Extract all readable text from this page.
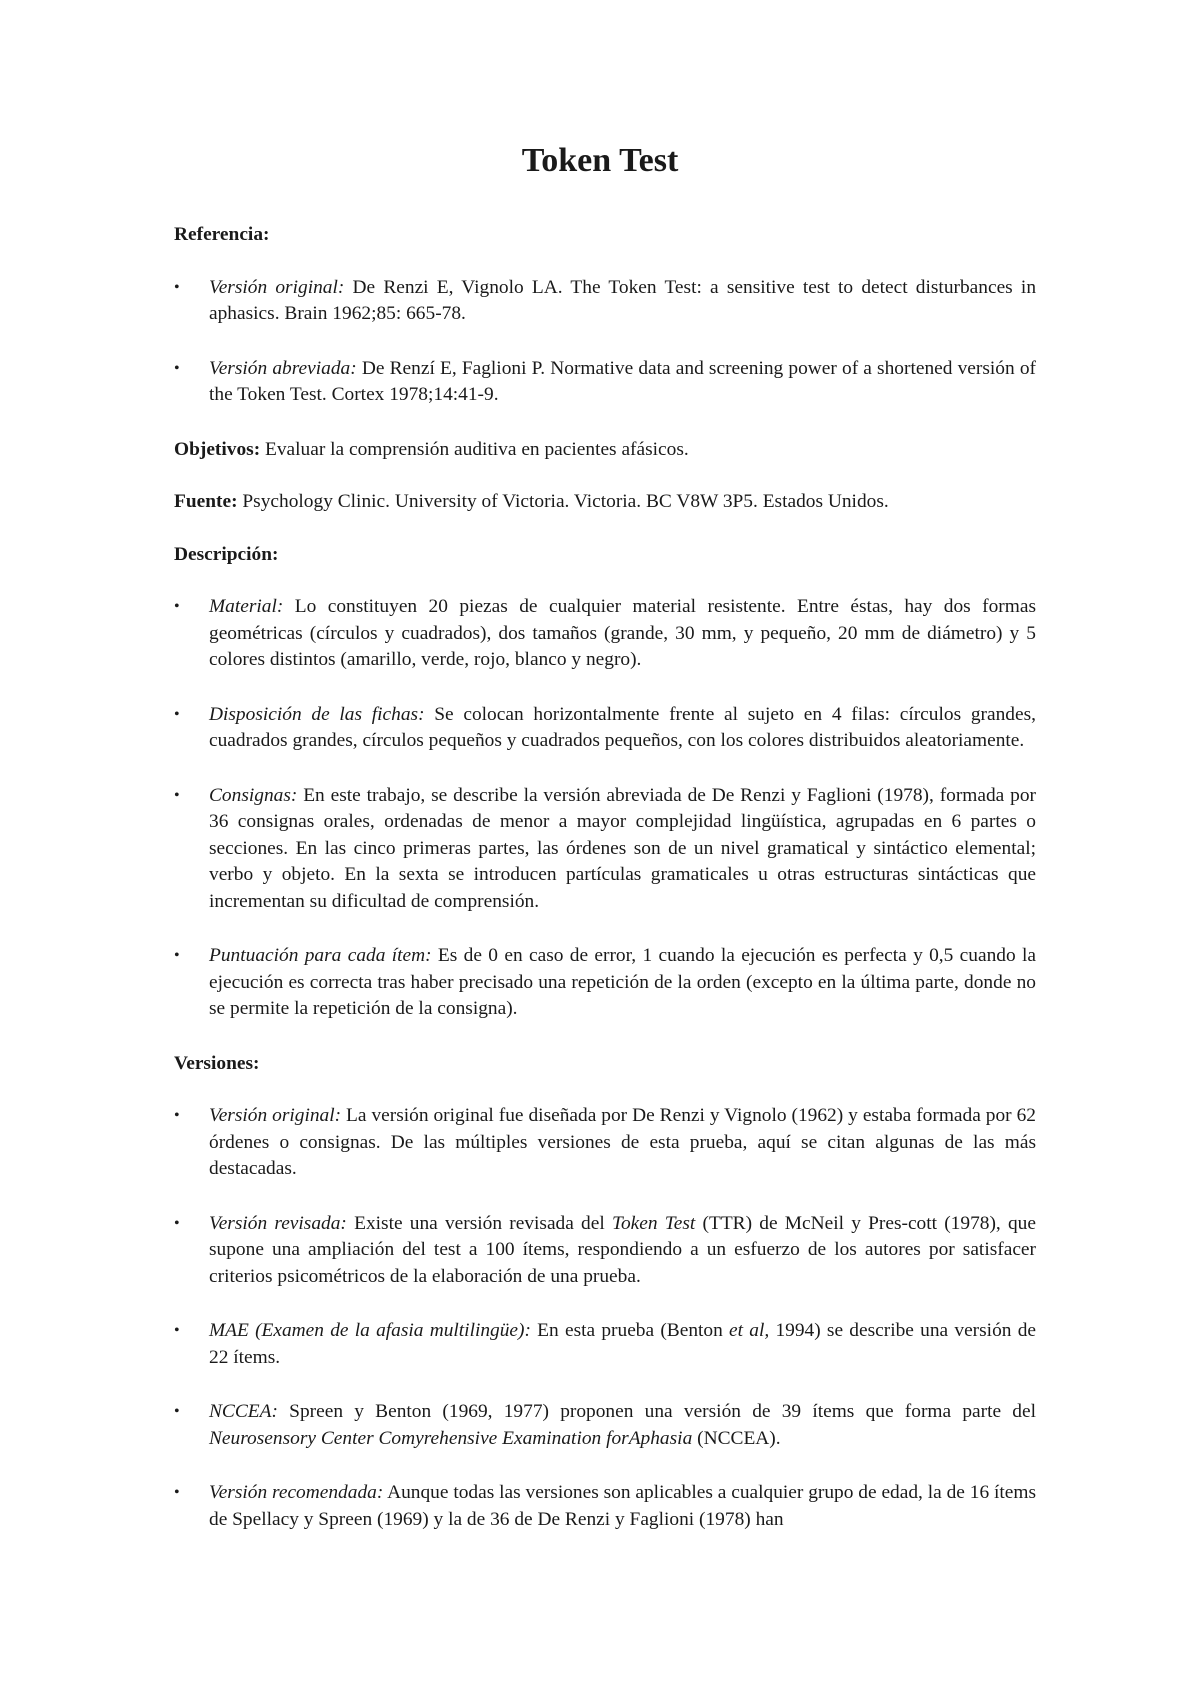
Token Test

Referencia:

• Versión original: De Renzi E, Vignolo LA. The Token Test: a sensitive test to detect disturbances in aphasics. Brain 1962;85: 665-78.
• Versión abreviada: De Renzí E, Faglioni P. Normative data and screening power of a shortened versión of the Token Test. Cortex 1978;14:41-9.

Objetivos: Evaluar la comprensión auditiva en pacientes afásicos.

Fuente: Psychology Clinic. University of Victoria. Victoria. BC V8W 3P5. Estados Unidos.

Descripción:

• Material: Lo constituyen 20 piezas de cualquier material resistente. Entre éstas, hay dos formas geométricas (círculos y cuadrados), dos tamaños (grande, 30 mm, y pequeño, 20 mm de diámetro) y 5 colores distintos (amarillo, verde, rojo, blanco y negro).
• Disposición de las fichas: Se colocan horizontalmente frente al sujeto en 4 filas: círculos grandes, cuadrados grandes, círculos pequeños y cuadrados pequeños, con los colores distribuidos aleatoriamente.
• Consignas: En este trabajo, se describe la versión abreviada de De Renzi y Faglioni (1978), formada por 36 consignas orales, ordenadas de menor a mayor complejidad lingüística, agrupadas en 6 partes o secciones. En las cinco primeras partes, las órdenes son de un nivel gramatical y sintáctico elemental; verbo y objeto. En la sexta se introducen partículas gramaticales u otras estructuras sintácticas que incrementan su dificultad de comprensión.
• Puntuación para cada ítem: Es de 0 en caso de error, 1 cuando la ejecución es perfecta y 0,5 cuando la ejecución es correcta tras haber precisado una repetición de la orden (excepto en la última parte, donde no se permite la repetición de la consigna).

Versiones:

• Versión original: La versión original fue diseñada por De Renzi y Vignolo (1962) y estaba formada por 62 órdenes o consignas. De las múltiples versiones de esta prueba, aquí se citan algunas de las más destacadas.
• Versión revisada: Existe una versión revisada del Token Test (TTR) de McNeil y Pres-cott (1978), que supone una ampliación del test a 100 ítems, respondiendo a un esfuerzo de los autores por satisfacer criterios psicométricos de la elaboración de una prueba.
• MAE (Examen de la afasia multilingüe): En esta prueba (Benton et al, 1994) se describe una versión de 22 ítems.
• NCCEA: Spreen y Benton (1969, 1977) proponen una versión de 39 ítems que forma parte del Neurosensory Center Comyrehensive Examination forAphasia (NCCEA).
• Versión recomendada: Aunque todas las versiones son aplicables a cualquier grupo de edad, la de 16 ítems de Spellacy y Spreen (1969) y la de 36 de De Renzi y Faglioni (1978) han
